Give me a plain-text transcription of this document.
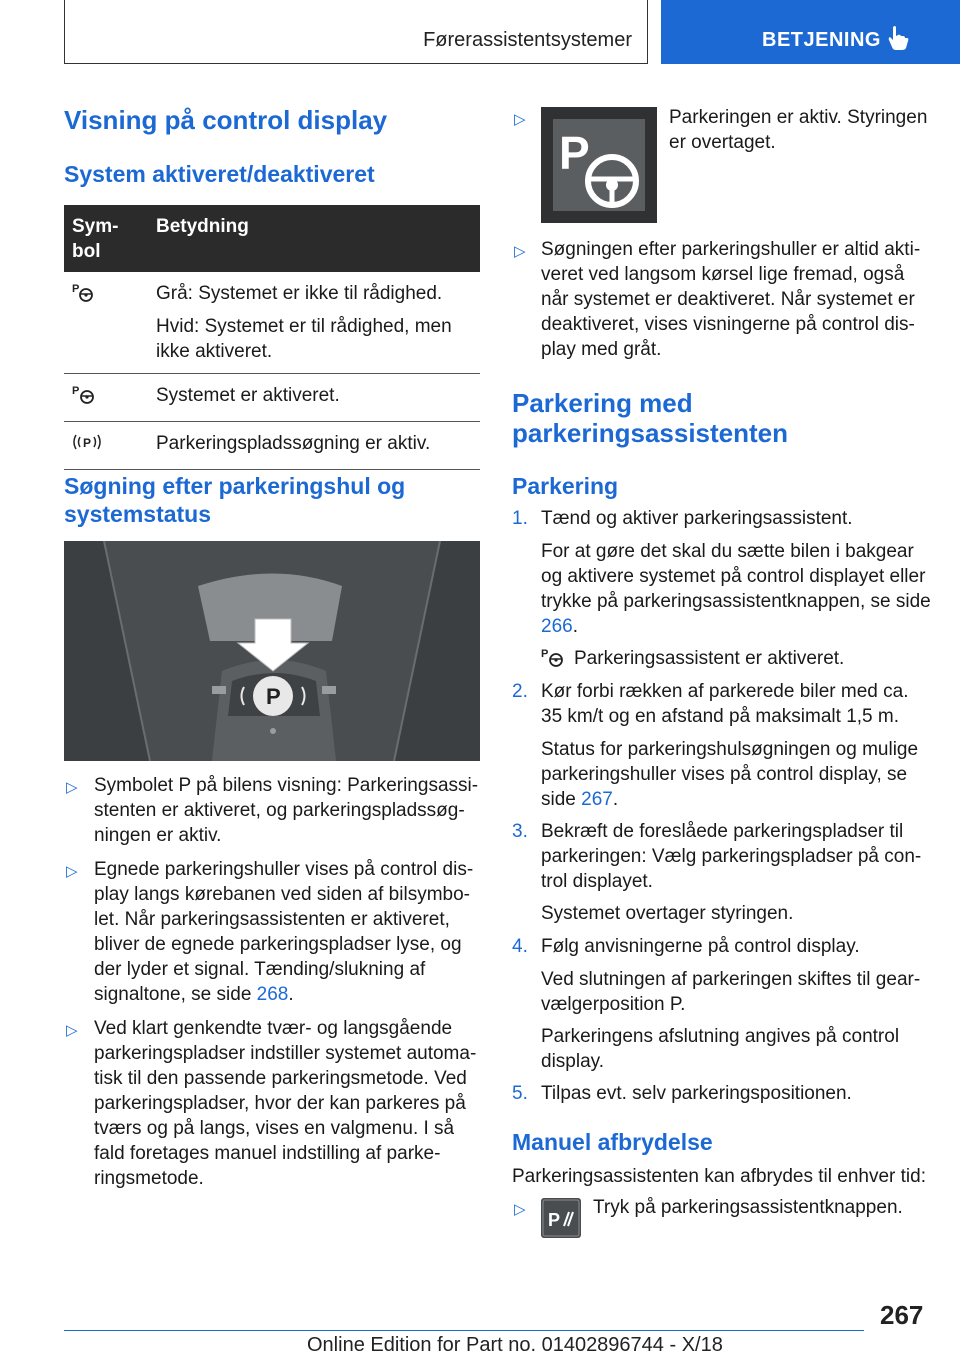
Førerassistentsystemer	BETJENING
Visning på control display
System aktiveret/deaktiveret
Sym-
bol	Betydning

P	Grå: Systemet er ikke til rådighed.

Hvid: Systemet er til rådighed, men ikke aktiveret.

P	Systemet er aktiveret.

P	Parkeringspladssøgning er aktiv.

Søgning efter parkeringshul og systemstatus
P
▷ Symbolet P på bilens visning: Parkeringsassistenten er aktiveret, og parkeringspladssøgningen er aktiv.
▷ Egnede parkeringshuller vises på control display langs kørebanen ved siden af bilsymbolet. Når parkeringsassistenten er aktiveret, bliver de egnede parkeringspladser lyse, og der lyder et signal. Tænding/slukning af signaltone, se side 268.
▷ Ved klart genkendte tvær- og langsgående parkeringspladser indstiller systemet automatisk til den passende parkeringsmetode. Ved parkeringspladser, hvor der kan parkeres på tværs og på langs, vises en valgmenu. I så fald foretages manuel indstilling af parkeringsmetode.
▷
P
Parkeringen er aktiv. Styringen er overtaget.
▷ Søgningen efter parkeringshuller er altid aktiveret ved langsom kørsel lige fremad, også når systemet er deaktiveret. Når systemet er deaktiveret, vises visningerne på control display med gråt.
Parkering med parkeringsassistenten
Parkering
1. Tænd og aktiver parkeringsassistent.
For at gøre det skal du sætte bilen i bakgear og aktivere systemet på control displayet eller trykke på parkeringsassistentknappen, se side 266.
P Parkeringsassistent er aktiveret.
2. Kør forbi rækken af parkerede biler med ca. 35 km/t og en afstand på maksimalt 1,5 m.
Status for parkeringshulsøgningen og mulige parkeringshuller vises på control display, se side 267.
3. Bekræft de foreslåede parkeringspladser til parkeringen: Vælg parkeringspladser på control displayet.
Systemet overtager styringen.
4. Følg anvisningerne på control display.
Ved slutningen af parkeringen skiftes til gearvælgerposition P.
Parkeringens afslutning angives på control display.
5. Tilpas evt. selv parkeringspositionen.
Manuel afbrydelse
Parkeringsassistenten kan afbrydes til enhver tid:
▷
P
Tryk på parkeringsassistentknappen.
267
Online Edition for Part no. 01402896744 - X/18
